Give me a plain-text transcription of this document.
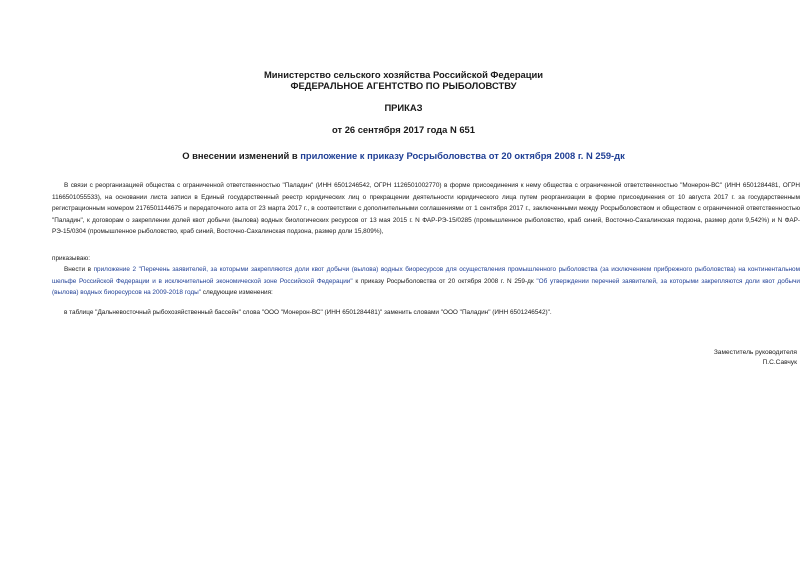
Министерство сельского хозяйства Российской Федерации
ФЕДЕРАЛЬНОЕ АГЕНТСТВО ПО РЫБОЛОВСТВУ
ПРИКАЗ
от 26 сентября 2017 года N 651
О внесении изменений в приложение к приказу Росрыболовства от 20 октября 2008 г. N 259-дк
В связи с реорганизацией общества с ограниченной ответственностью "Паладин" (ИНН 6501246542, ОГРН 1126501002770) в форме присоединения к нему общества с ограниченной ответственностью "Монерон-ВС" (ИНН 6501284481, ОГРН 1166501055533), на основании листа записи в Единый государственный реестр юридических лиц о прекращении деятельности юридического лица путем реорганизации в форме присоединения от 10 августа 2017 г. за государственным регистрационным номером 2176501144675 и передаточного акта от 23 марта 2017 г., в соответствии с дополнительными соглашениями от 1 сентября 2017 г., заключенными между Росрыболовством и обществом с ограниченной ответственностью "Паладин", к договорам о закреплении долей квот добычи (вылова) водных биологических ресурсов от 13 мая 2015 г. N ФАР-РЭ-15/0285 (промышленное рыболовство, краб синий, Восточно-Сахалинская подзона, размер доли 9,542%) и N ФАР-РЭ-15/0304 (промышленное рыболовство, краб синий, Восточно-Сахалинская подзона, размер доли 15,809%),
приказываю:
Внести в приложение 2 "Перечень заявителей, за которыми закрепляются доли квот добычи (вылова) водных биоресурсов для осуществления промышленного рыболовства (за исключением прибрежного рыболовства) на континентальном шельфе Российской Федерации и в исключительной экономической зоне Российской Федерации" к приказу Росрыболовства от 20 октября 2008 г. N 259-дк "Об утверждении перечней заявителей, за которыми закрепляются доли квот добычи (вылова) водных биоресурсов на 2009-2018 годы" следующие изменения:
в таблице "Дальневосточный рыбохозяйственный бассейн" слова "ООО "Монерон-ВС" (ИНН 6501284481)" заменить словами "ООО "Паладин" (ИНН 6501246542)".
Заместитель руководителя
П.С.Савчук
